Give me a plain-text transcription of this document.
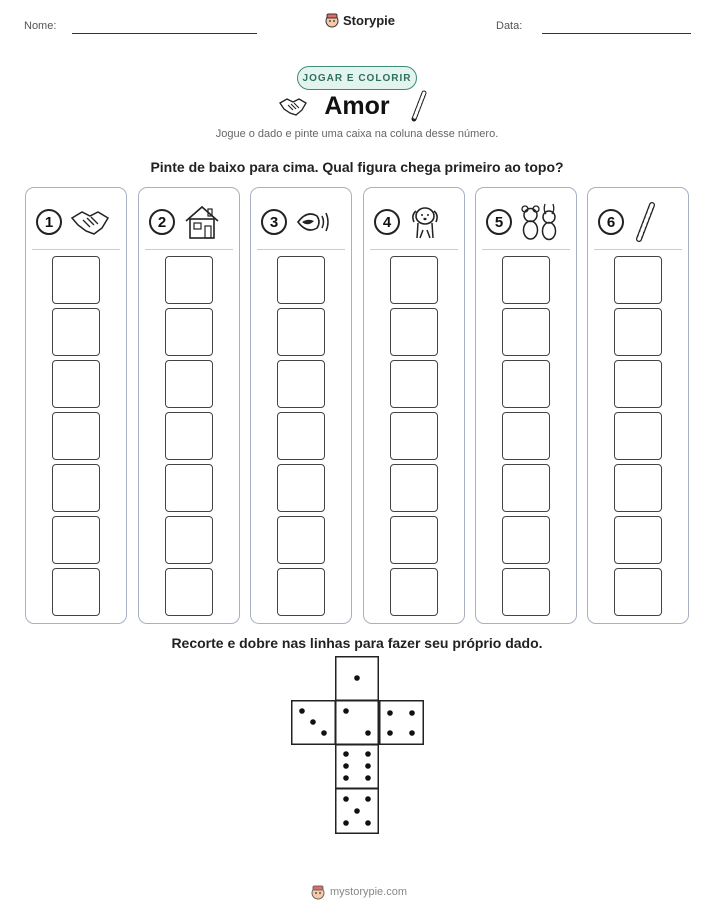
Nome:	Storypie	Data:
JOGAR E COLORIR
Amor
Jogue o dado e pinte uma caixa na coluna desse número.
Pinte de baixo para cima. Qual figura chega primeiro ao topo?
1	2	3	4	5	6
Recorte e dobre nas linhas para fazer seu próprio dado.
mystorypie.com
